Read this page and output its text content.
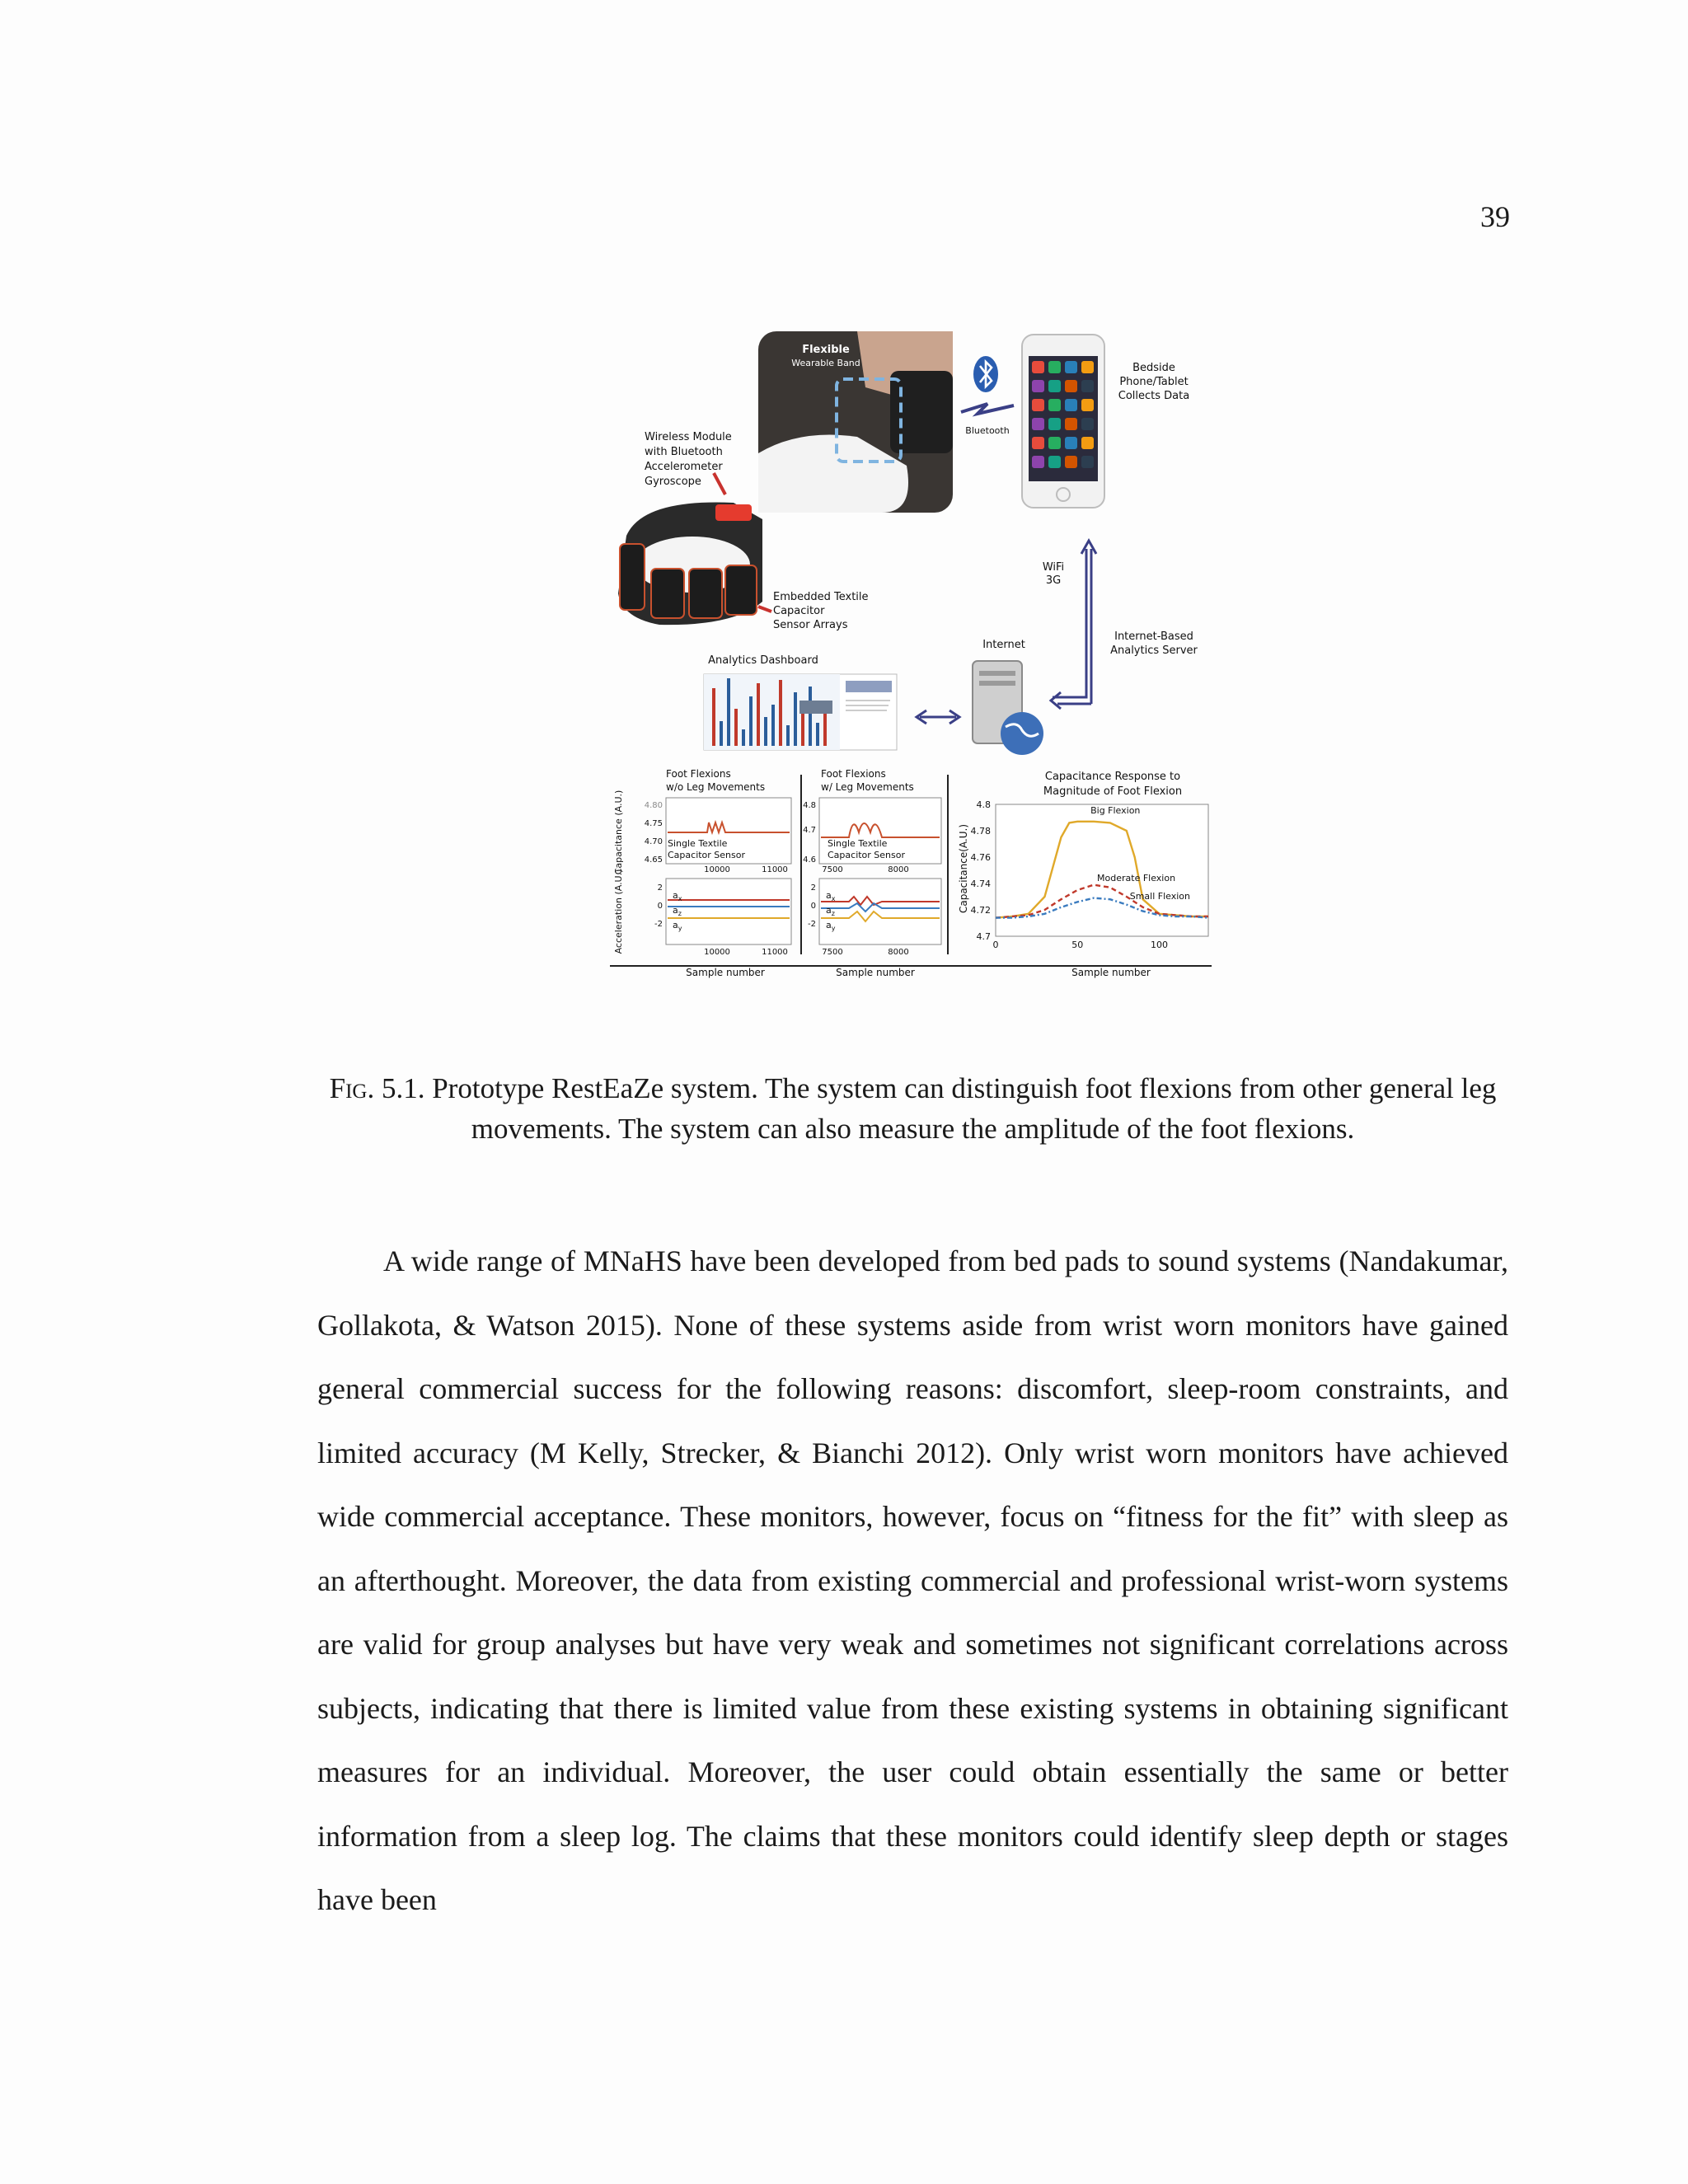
39
Flexible
Wearable Band
Bluetooth
Bedside
Phone/Tablet
Collects Data
Wireless Module
with Bluetooth
Accelerometer
Gyroscope
Embedded Textile
Capacitor
Sensor Arrays
WiFi
3G
Internet
Internet-Based
Analytics Server
Analytics Dashboard
Foot Flexions
w/o Leg Movements
4.80
4.75
4.70
4.65
10000	11000
Capacitance (A.U.)	Single Textile
Capacitor Sensor
Foot Flexions
w/ Leg Movements
4.8
4.7
4.6
7500	8000
Single Textile
Capacitor Sensor
2
0
-2
10000	11000
Sample number
Acceleration (A.U.)	$a_x$
$a_z$
$a_y$
2
0
-2
7500	8000
Sample number
$a_x$
$a_z$
$a_y$
Capacitance Response to
Magnitude of Foot Flexion
Capacitance(A.U.)
Sample number
4.8
4.78
4.76
4.74
4.72
4.7
0	50	100
Big Flexion
Moderate Flexion
Small Flexion
Fig. 5.1. Prototype RestEaZe system. The system can distinguish foot flexions from other general leg movements. The system can also measure the amplitude of the foot flexions.
A wide range of MNaHS have been developed from bed pads to sound systems (Nandakumar, Gollakota, & Watson 2015). None of these systems aside from wrist worn monitors have gained general commercial success for the following reasons: discomfort, sleep-room constraints, and limited accuracy (M Kelly, Strecker, & Bianchi 2012). Only wrist worn monitors have achieved wide commercial acceptance. These monitors, however, focus on “fitness for the fit” with sleep as an afterthought. Moreover, the data from existing commercial and professional wrist-worn systems are valid for group analyses but have very weak and sometimes not significant correlations across subjects, indicating that there is limited value from these existing systems in obtaining significant measures for an individual. Moreover, the user could obtain essentially the same or better information from a sleep log. The claims that these monitors could identify sleep depth or stages have been
